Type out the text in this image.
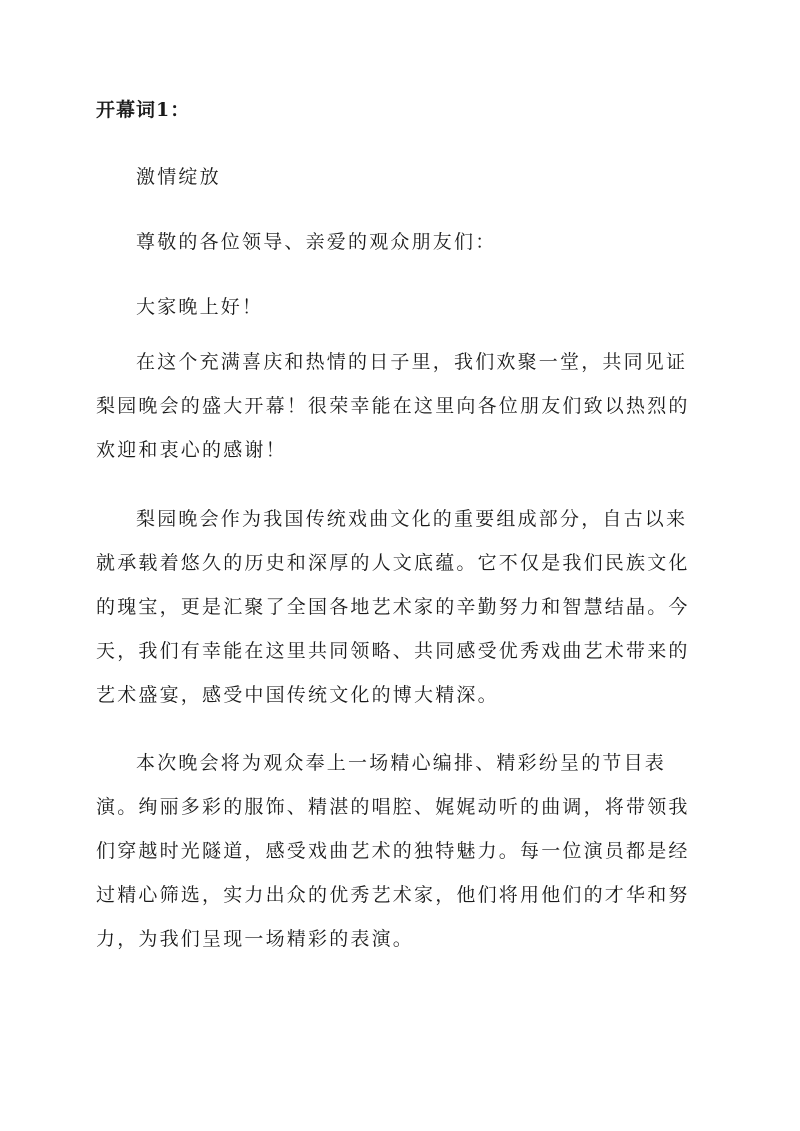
开幕词1：

激情绽放

尊敬的各位领导、亲爱的观众朋友们：

大家晚上好！

在这个充满喜庆和热情的日子里，我们欢聚一堂，共同见证梨园晚会的盛大开幕！很荣幸能在这里向各位朋友们致以热烈的欢迎和衷心的感谢！

梨园晚会作为我国传统戏曲文化的重要组成部分，自古以来就承载着悠久的历史和深厚的人文底蕴。它不仅是我们民族文化的瑰宝，更是汇聚了全国各地艺术家的辛勤努力和智慧结晶。今天，我们有幸能在这里共同领略、共同感受优秀戏曲艺术带来的艺术盛宴，感受中国传统文化的博大精深。

本次晚会将为观众奉上一场精心编排、精彩纷呈的节目表演。绚丽多彩的服饰、精湛的唱腔、娓娓动听的曲调，将带领我们穿越时光隧道，感受戏曲艺术的独特魅力。每一位演员都是经过精心筛选，实力出众的优秀艺术家，他们将用他们的才华和努力，为我们呈现一场精彩的表演。
